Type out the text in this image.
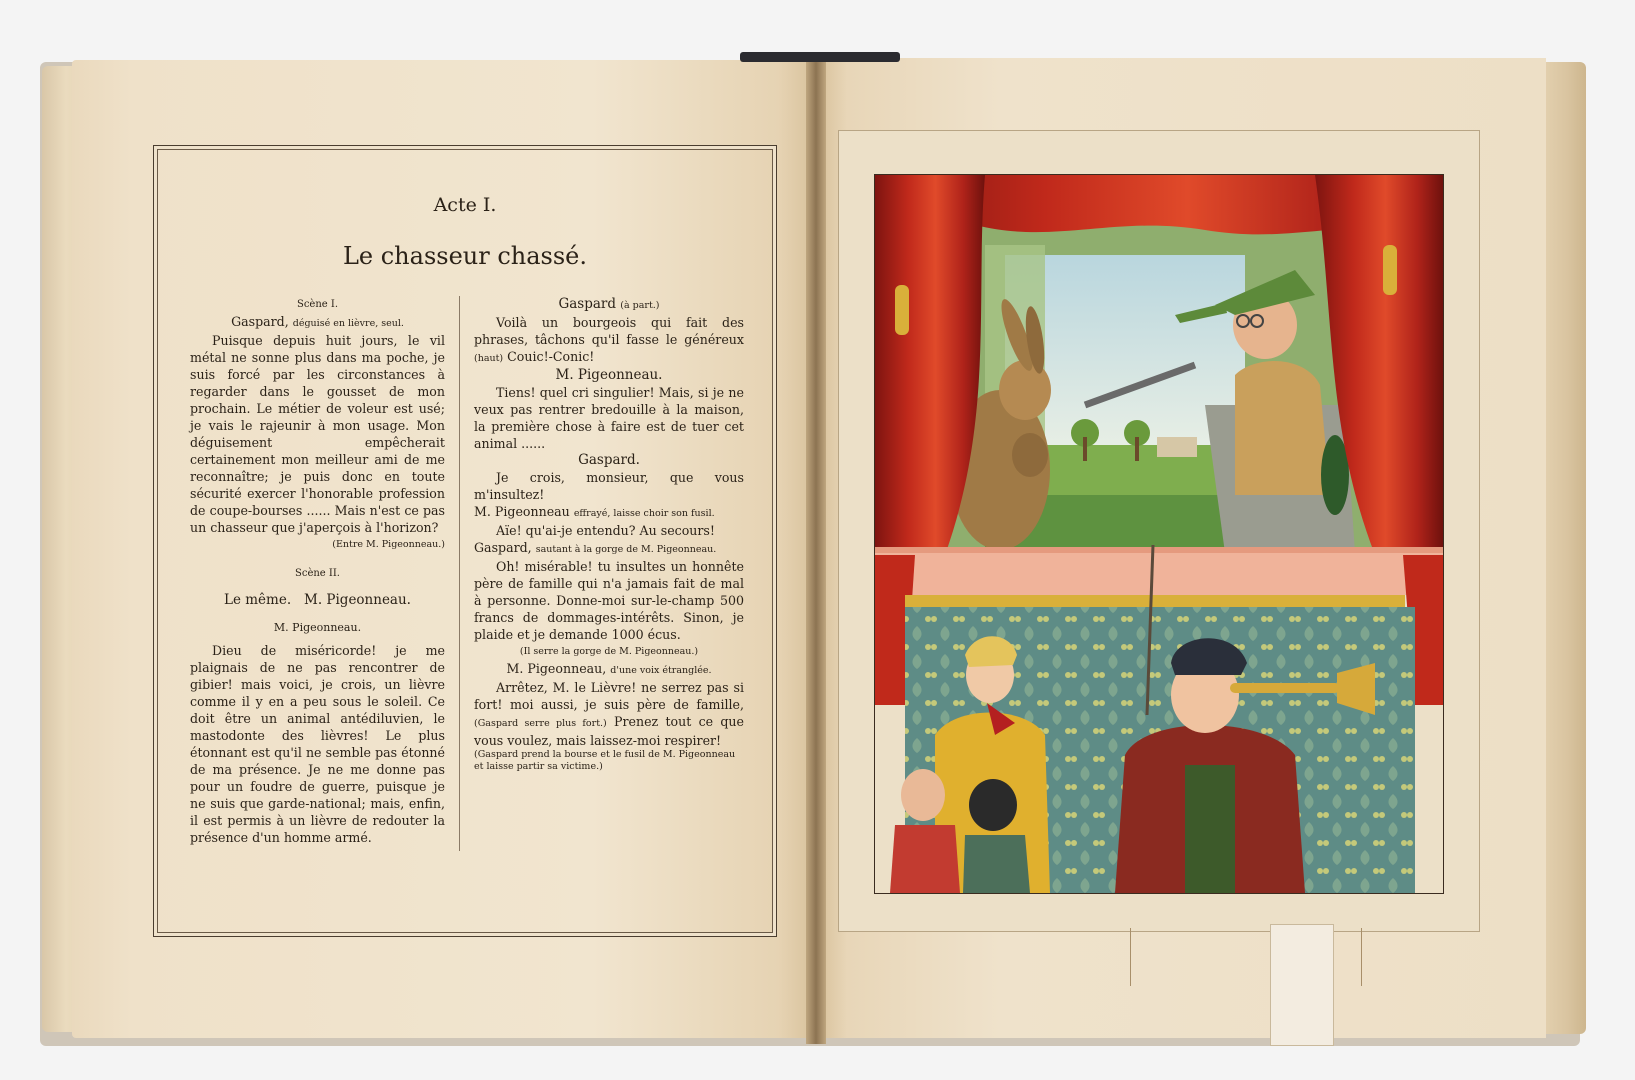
Acte I.
Le chasseur chassé.

Scène I.

Gaspard, déguisé en lièvre, seul.

Puisque depuis huit jours, le vil métal ne sonne plus dans ma poche, je suis forcé par les circonstances à regarder dans le gousset de mon prochain. Le métier de voleur est usé; je vais le rajeunir à mon usage. Mon déguisement empêcherait certainement mon meilleur ami de me reconnaître; je puis donc en toute sécurité exercer l'honorable profession de coupe-bourses ...... Mais n'est ce pas un chasseur que j'aperçois à l'horizon?

(Entre M. Pigeonneau.)

Scène II.

Le même.   M. Pigeonneau.

M. Pigeonneau.

Dieu de miséricorde! je me plaignais de ne pas rencontrer de gibier! mais voici, je crois, un lièvre comme il y en a peu sous le soleil. Ce doit être un animal antédiluvien, le mastodonte des lièvres! Le plus étonnant est qu'il ne semble pas étonné de ma présence. Je ne me donne pas pour un foudre de guerre, puisque je ne suis que garde-national; mais, enfin, il est permis à un lièvre de redouter la présence d'un homme armé.

Gaspard (à part.)

Voilà un bourgeois qui fait des phrases, tâchons qu'il fasse le généreux (haut) Couic!-Conic!

M. Pigeonneau.

Tiens! quel cri singulier! Mais, si je ne veux pas rentrer bredouille à la maison, la première chose à faire est de tuer cet animal ......

Gaspard.

Je crois, monsieur, que vous m'insultez!

M. Pigeonneau effrayé, laisse choir son fusil.

Aïe! qu'ai-je entendu? Au secours!

Gaspard, sautant à la gorge de M. Pigeonneau.

Oh! misérable! tu insultes un honnête père de famille qui n'a jamais fait de mal à personne. Donne-moi sur-le-champ 500 francs de dommages-intérêts. Sinon, je plaide et je demande 1000 écus.

(Il serre la gorge de M. Pigeonneau.)

M. Pigeonneau, d'une voix étranglée.

Arrêtez, M. le Lièvre! ne serrez pas si fort! moi aussi, je suis père de famille, (Gaspard serre plus fort.) Prenez tout ce que vous voulez, mais laissez-moi respirer!

(Gaspard prend la bourse et le fusil de M. Pigeonneau et laisse partir sa victime.)
